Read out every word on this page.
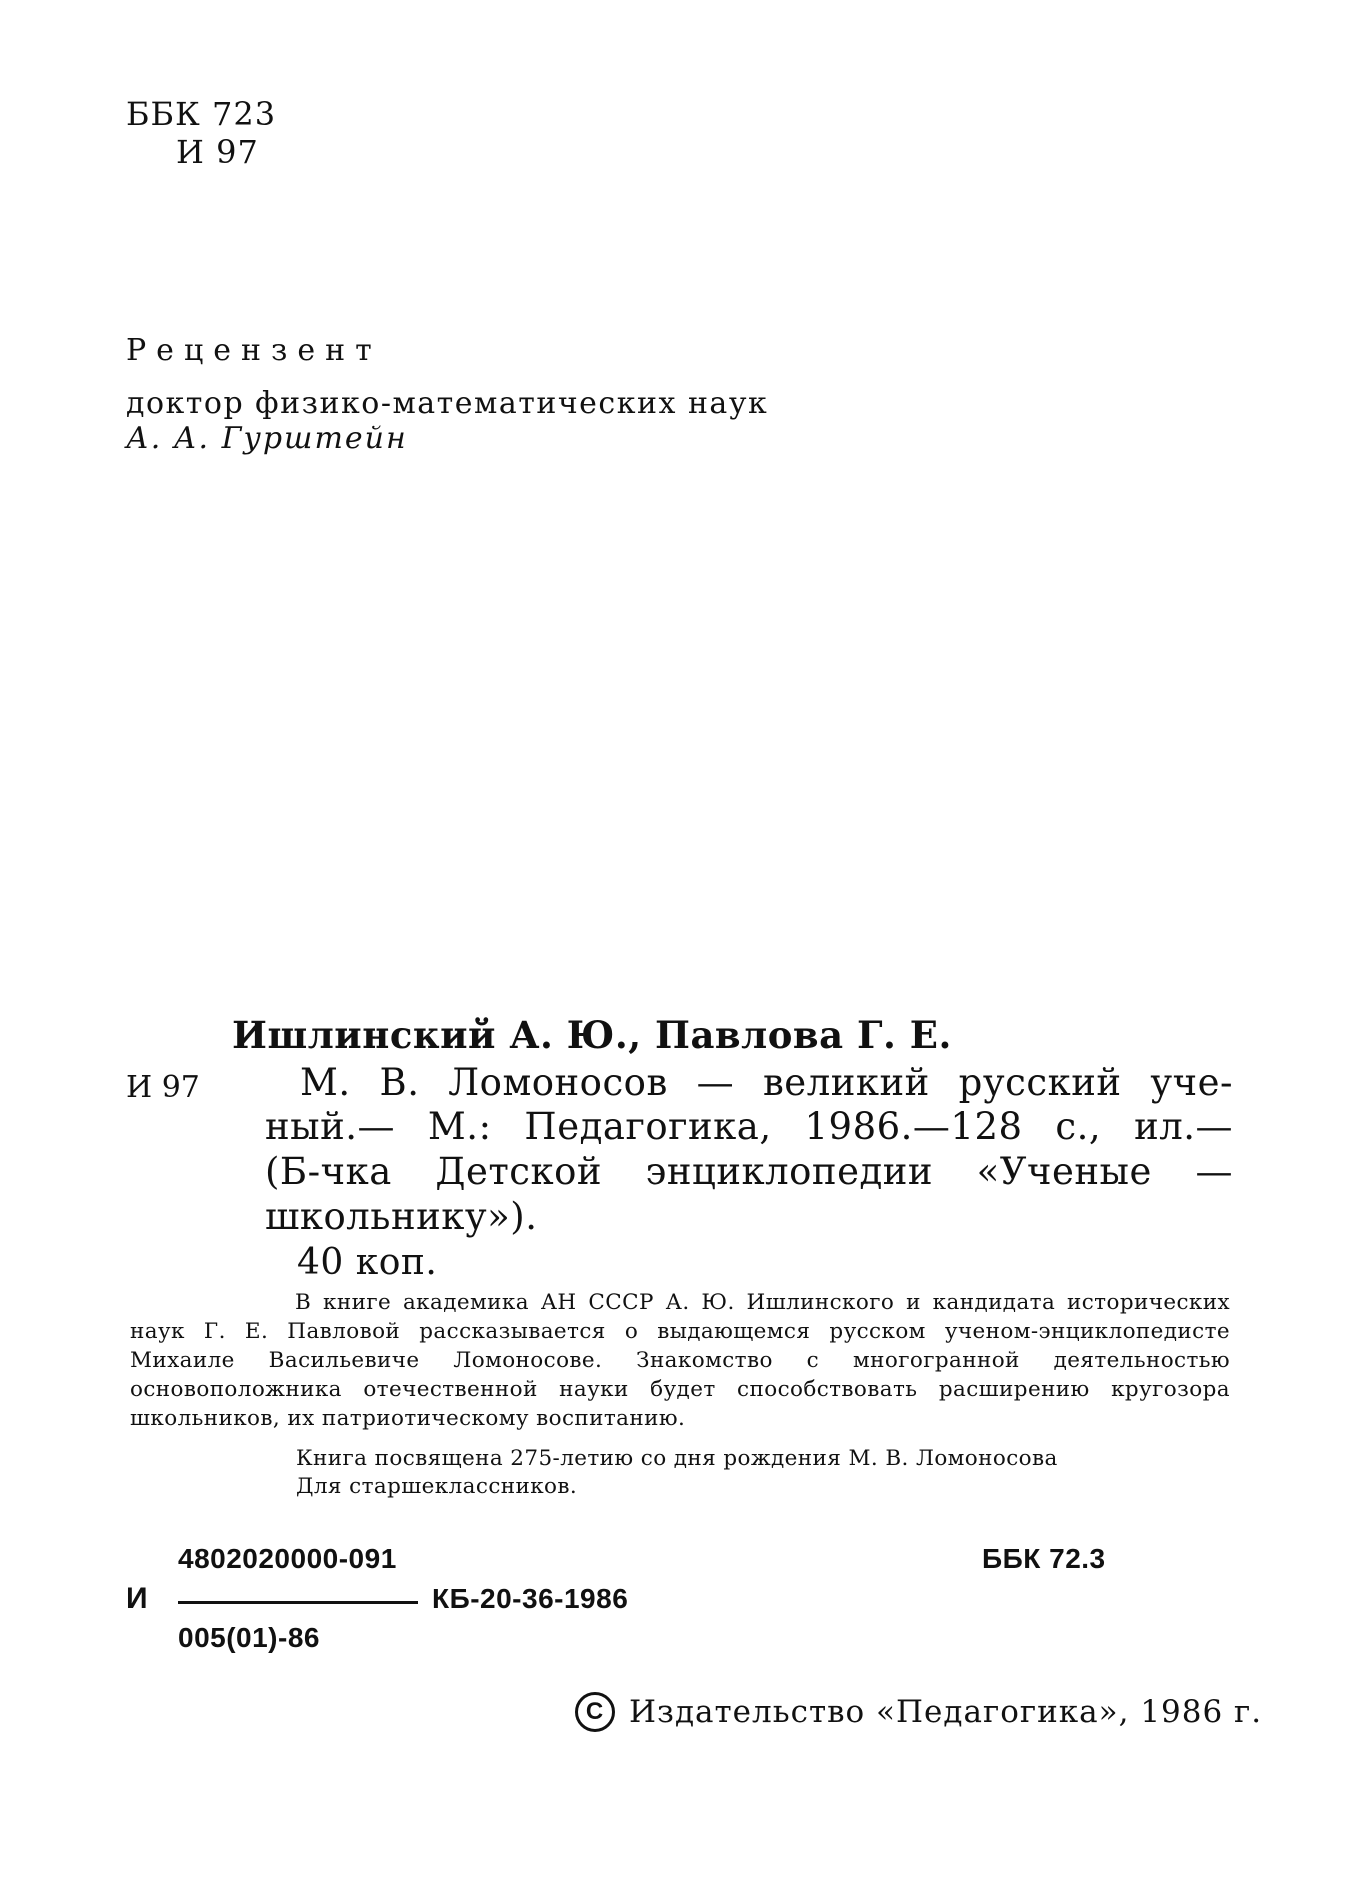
ББК 723
И 97
Рецензент
доктор физико-математических наук
А. А. Гурштейн
Ишлинский А. Ю., Павлова Г. Е.
И 97	М. В. Ломоносов — великий русский уче-
ный.— М.: Педагогика, 1986.—128 с., ил.—
(Б-чка Детской энциклопедии «Ученые —
школьнику»).
40 коп.

В книге академика АН СССР А. Ю. Ишлинского и кандидата исторических наук Г. Е. Павловой рассказывается о выдающемся русском ученом-энциклопедисте Михаиле Васильевиче Ломоносове. Знакомство с многогранной деятельностью основоположника отечественной науки будет способствовать расширению кругозора школьников, их патриотическому воспитанию.

Книга посвящена 275-летию со дня рождения М. В. Ломоносова
Для старшеклассников.
4802020000-091
И	КБ-20-36-1986
005(01)-86
ББК 72.3
C Издательство «Педагогика», 1986 г.
